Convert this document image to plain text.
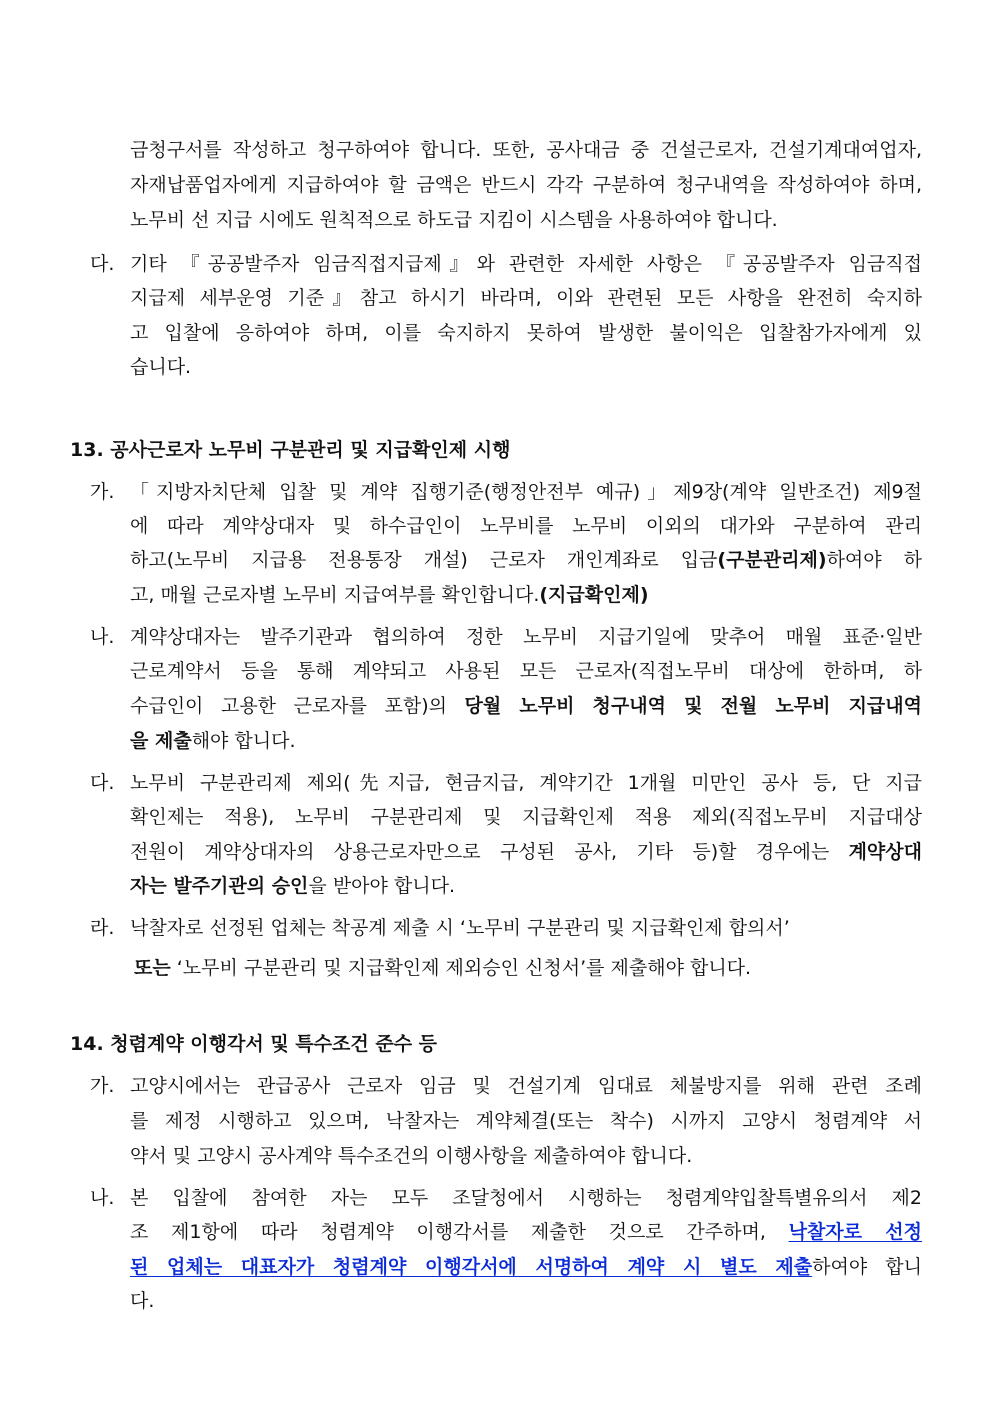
금청구서를 작성하고 청구하여야 합니다. 또한, 공사대금 중 건설근로자, 건설기계대여업자,
자재납품업자에게 지급하여야 할 금액은 반드시 각각 구분하여 청구내역을 작성하여야 하며,
노무비 선 지급 시에도 원칙적으로 하도급 지킴이 시스템을 사용하여야 합니다.
다. 기타 『공공발주자 임금직접지급제』와 관련한 자세한 사항은 『공공발주자 임금직접
지급제 세부운영 기준』참고 하시기 바라며, 이와 관련된 모든 사항을 완전히 숙지하
고 입찰에 응하여야 하며, 이를 숙지하지 못하여 발생한 불이익은 입찰참가자에게 있
습니다.
13. 공사근로자 노무비 구분관리 및 지급확인제 시행
가. 「지방자치단체 입찰 및 계약 집행기준(행정안전부 예규)」제9장(계약 일반조건) 제9절
에 따라 계약상대자 및 하수급인이 노무비를 노무비 이외의 대가와 구분하여 관리
하고(노무비 지급용 전용통장 개설) 근로자 개인계좌로 입금(구분관리제)하여야 하
고, 매월 근로자별 노무비 지급여부를 확인합니다.(지급확인제)
나. 계약상대자는 발주기관과 협의하여 정한 노무비 지급기일에 맞추어 매월 표준·일반
근로계약서 등을 통해 계약되고 사용된 모든 근로자(직접노무비 대상에 한하며, 하
수급인이 고용한 근로자를 포함)의 당월 노무비 청구내역 및 전월 노무비 지급내역
을 제출해야 합니다.
다. 노무비 구분관리제 제외(先지급, 현금지급, 계약기간 1개월 미만인 공사 등, 단 지급
확인제는 적용), 노무비 구분관리제 및 지급확인제 적용 제외(직접노무비 지급대상
전원이 계약상대자의 상용근로자만으로 구성된 공사, 기타 등)할 경우에는 계약상대
자는 발주기관의 승인을 받아야 합니다.
라. 낙찰자로 선정된 업체는 착공계 제출 시 ‘노무비 구분관리 및 지급확인제 합의서’
또는 ‘노무비 구분관리 및 지급확인제 제외승인 신청서’를 제출해야 합니다.
14. 청렴계약 이행각서 및 특수조건 준수 등
가. 고양시에서는 관급공사 근로자 임금 및 건설기계 임대료 체불방지를 위해 관련 조례
를 제정 시행하고 있으며, 낙찰자는 계약체결(또는 착수) 시까지 고양시 청렴계약 서
약서 및 고양시 공사계약 특수조건의 이행사항을 제출하여야 합니다.
나. 본 입찰에 참여한 자는 모두 조달청에서 시행하는 청렴계약입찰특별유의서 제2
조 제1항에 따라 청렴계약 이행각서를 제출한 것으로 간주하며, 낙찰자로 선정
된 업체는 대표자가 청렴계약 이행각서에 서명하여 계약 시 별도 제출하여야 합니
다.
